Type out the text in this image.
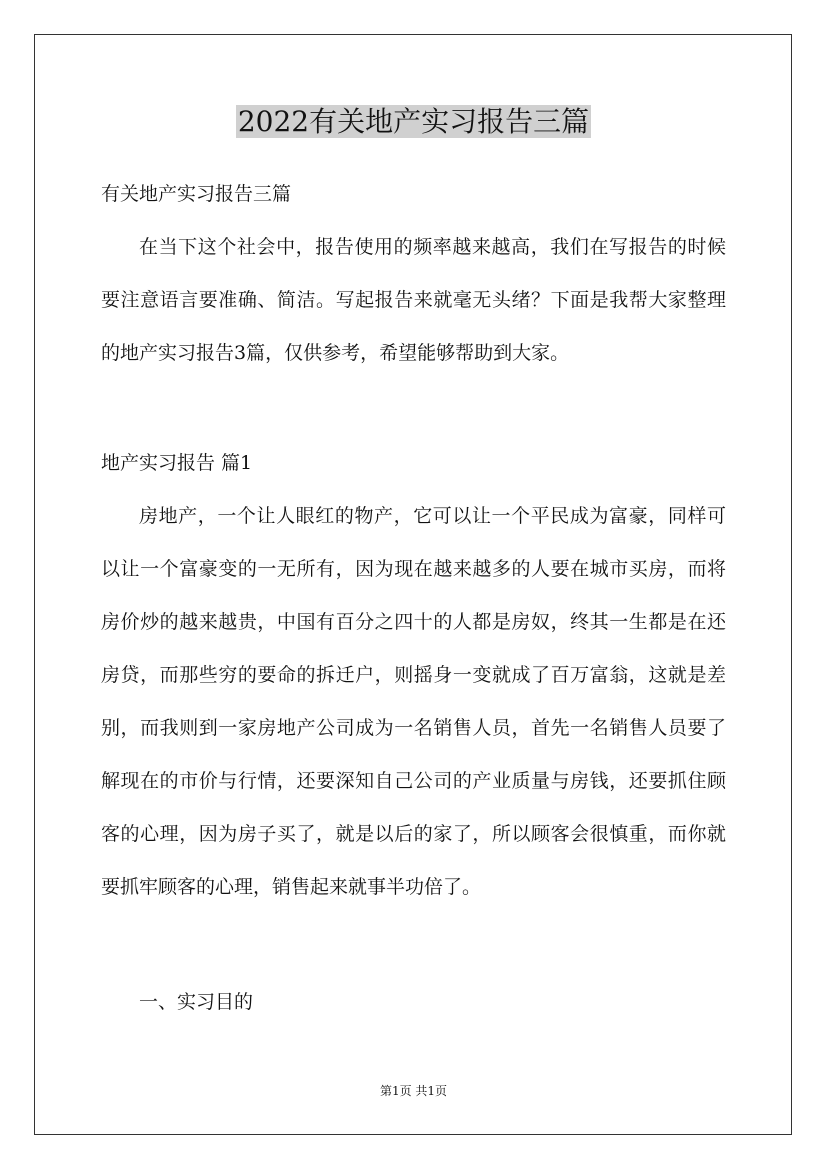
2022有关地产实习报告三篇
有关地产实习报告三篇
在当下这个社会中，报告使用的频率越来越高，我们在写报告的时候要注意语言要准确、简洁。写起报告来就毫无头绪？下面是我帮大家整理的地产实习报告3篇，仅供参考，希望能够帮助到大家。
地产实习报告 篇1
房地产，一个让人眼红的物产，它可以让一个平民成为富豪，同样可以让一个富豪变的一无所有，因为现在越来越多的人要在城市买房，而将房价炒的越来越贵，中国有百分之四十的人都是房奴，终其一生都是在还房贷，而那些穷的要命的拆迁户，则摇身一变就成了百万富翁，这就是差别，而我则到一家房地产公司成为一名销售人员，首先一名销售人员要了解现在的市价与行情，还要深知自己公司的产业质量与房钱，还要抓住顾客的心理，因为房子买了，就是以后的家了，所以顾客会很慎重，而你就要抓牢顾客的心理，销售起来就事半功倍了。
一、实习目的
第1页 共1页
